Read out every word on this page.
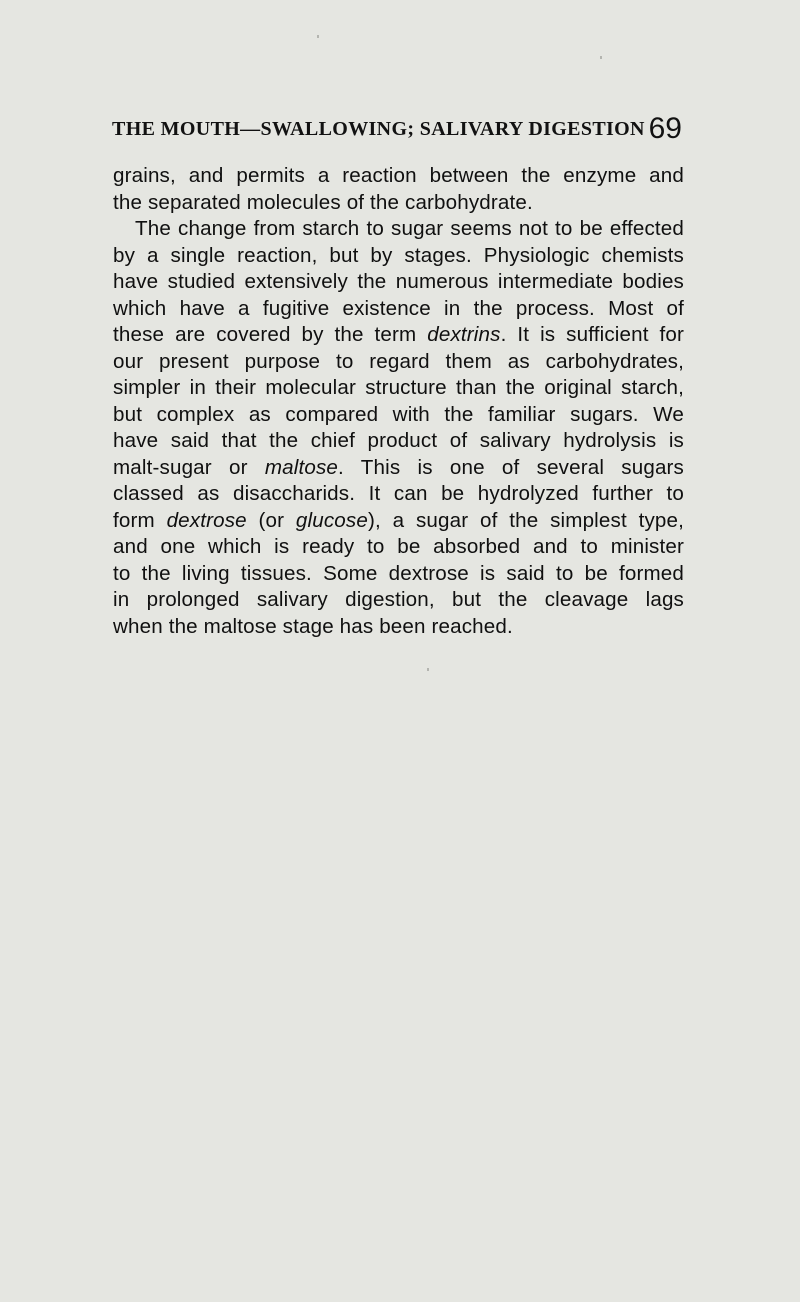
THE MOUTH—SWALLOWING; SALIVARY DIGESTION 69
grains, and permits a reaction between the enzyme and
the separated molecules of the carbohydrate.
The change from starch to sugar seems not to be effected
by a single reaction, but by stages. Physiologic chemists
have studied extensively the numerous intermediate bodies
which have a fugitive existence in the process. Most of
these are covered by the term dextrins. It is sufficient for
our present purpose to regard them as carbohydrates,
simpler in their molecular structure than the original starch,
but complex as compared with the familiar sugars. We
have said that the chief product of salivary hydrolysis is
malt-sugar or maltose. This is one of several sugars
classed as disaccharids. It can be hydrolyzed further to
form dextrose (or glucose), a sugar of the simplest type,
and one which is ready to be absorbed and to minister
to the living tissues. Some dextrose is said to be formed
in prolonged salivary digestion, but the cleavage lags
when the maltose stage has been reached.
